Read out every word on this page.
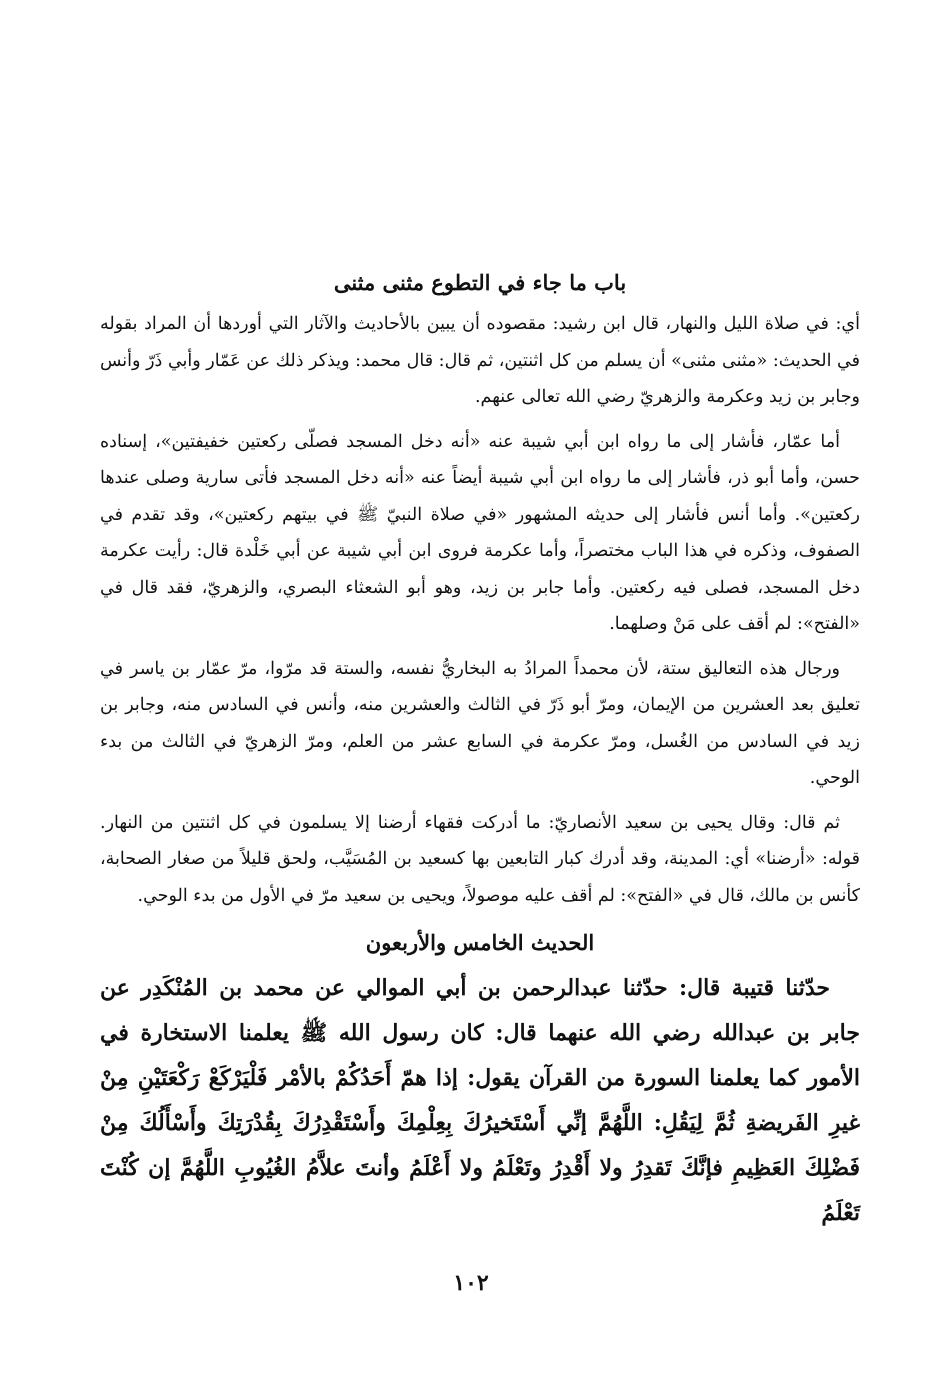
باب ما جاء في التطوع مثنى مثنى

أي: في صلاة الليل والنهار، قال ابن رشيد: مقصوده أن يبين بالأحاديث والآثار التي أوردها أن المراد بقوله في الحديث: «مثنى مثنى» أن يسلم من كل اثنتين، ثم قال: قال محمد: ويذكر ذلك عن عَمّار وأبي ذَرّ وأنس وجابر بن زيد وعكرمة والزهريّ رضي الله تعالى عنهم.

أما عمّار، فأشار إلى ما رواه ابن أبي شيبة عنه «أنه دخل المسجد فصلّى ركعتين خفيفتين»، إسناده حسن، وأما أبو ذر، فأشار إلى ما رواه ابن أبي شيبة أيضاً عنه «أنه دخل المسجد فأتى سارية وصلى عندها ركعتين». وأما أنس فأشار إلى حديثه المشهور «في صلاة النبيّ ﷺ في بيتهم ركعتين»، وقد تقدم في الصفوف، وذكره في هذا الباب مختصراً، وأما عكرمة فروى ابن أبي شيبة عن أبي خَلْدة قال: رأيت عكرمة دخل المسجد، فصلى فيه ركعتين. وأما جابر بن زيد، وهو أبو الشعثاء البصري، والزهريّ، فقد قال في «الفتح»: لم أقف على مَنْ وصلهما.

ورجال هذه التعاليق ستة، لأن محمداً المرادُ به البخاريُّ نفسه، والستة قد مرّوا، مرّ عمّار بن ياسر في تعليق بعد العشرين من الإيمان، ومرّ أبو ذَرّ في الثالث والعشرين منه، وأنس في السادس منه، وجابر بن زيد في السادس من الغُسل، ومرّ عكرمة في السابع عشر من العلم، ومرّ الزهريّ في الثالث من بدء الوحي.

ثم قال: وقال يحيى بن سعيد الأنصاريّ: ما أدركت فقهاء أرضنا إلا يسلمون في كل اثنتين من النهار. قوله: «أرضنا» أي: المدينة، وقد أدرك كبار التابعين بها كسعيد بن المُسَيَّب، ولحق قليلاً من صغار الصحابة، كأنس بن مالك، قال في «الفتح»: لم أقف عليه موصولاً، ويحيى بن سعيد مرّ في الأول من بدء الوحي.

الحديث الخامس والأربعون

حدّثنا قتيبة قال: حدّثنا عبدالرحمن بن أبي الموالي عن محمد بن المُنْكَدِر عن جابر بن عبدالله رضي الله عنهما قال: كان رسول الله ﷺ يعلمنا الاستخارة في الأمور كما يعلمنا السورة من القرآن يقول: إذا همّ أَحَدُكُمْ بالأمْر فَلْيَرْكَعْ رَكْعَتَيْنِ مِنْ غيرِ الفَريضةِ ثُمَّ لِيَقُلِ: اللَّهُمَّ إنِّي أَسْتَخيرُكَ بِعِلْمِكَ وأَسْتَقْدِرُكَ بِقُدْرَتِكَ وأَسْأَلُكَ مِنْ فَضْلِكَ العَظِيمِ فإنَّكَ تَقدِرُ ولا أَقْدِرُ وتَعْلَمُ ولا أَعْلَمُ وأنتَ علاَّمُ الغُيُوبِ اللَّهُمَّ إن كُنْتَ تَعْلَمُ

١٠٢
